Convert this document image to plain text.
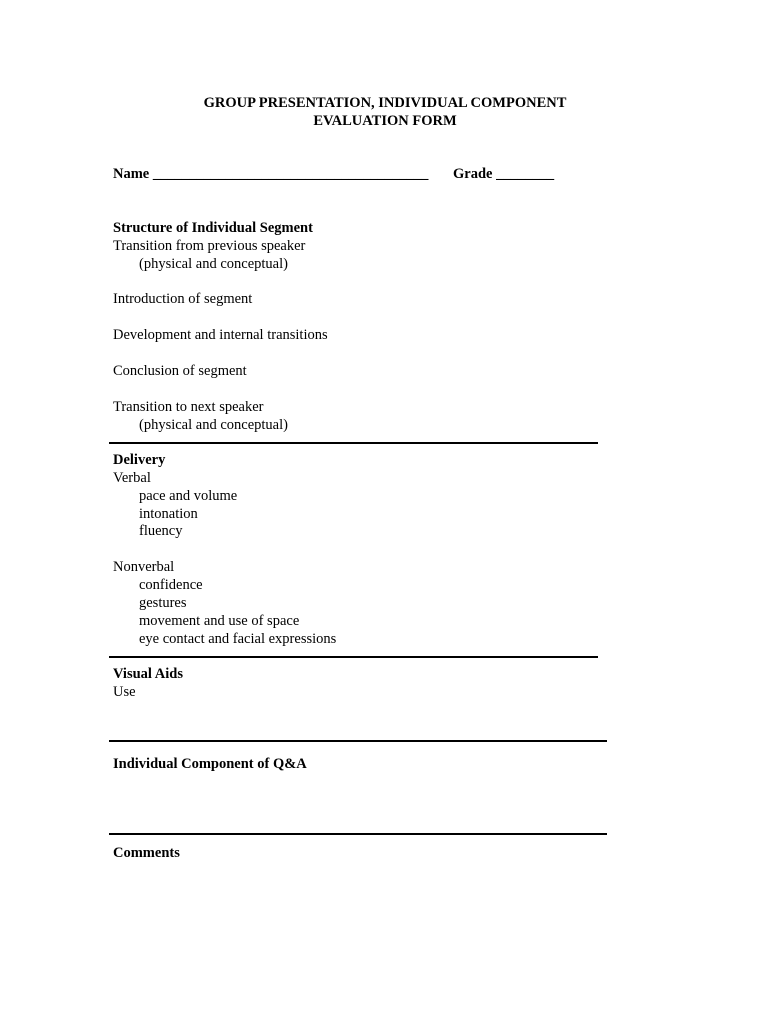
GROUP PRESENTATION, INDIVIDUAL COMPONENT
EVALUATION FORM
Name ______________________________________ Grade ________
Structure of Individual Segment
Transition from previous speaker
(physical and conceptual)
Introduction of segment
Development and internal transitions
Conclusion of segment
Transition to next speaker
(physical and conceptual)
Delivery
Verbal
pace and volume
intonation
fluency
Nonverbal
confidence
gestures
movement and use of space
eye contact and facial expressions
Visual Aids
Use
Individual Component of Q&A
Comments
